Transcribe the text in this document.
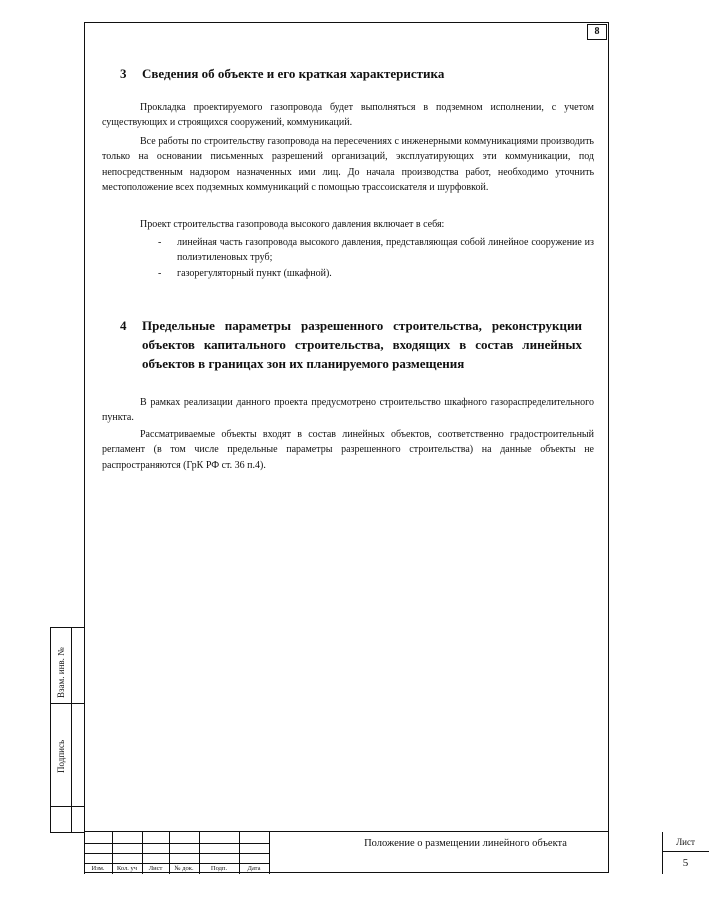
8
Взам. инв. №
Подпись
3 Сведения об объекте и его краткая характеристика

Прокладка проектируемого газопровода будет выполняться в подземном исполнении, с учетом существующих и строящихся сооружений, коммуникаций.

Все работы по строительству газопровода на пересечениях с инженерными коммуникациями производить только на основании письменных разрешений организаций, эксплуатирующих эти коммуникации, под непосредственным надзором назначенных ими лиц. До начала производства работ, необходимо уточнить местоположение всех подземных коммуникаций с помощью трассоискателя и шурфовкой.

Проект строительства газопровода высокого давления включает в себя:

- линейная часть газопровода высокого давления, представляющая собой линейное сооружение из полиэтиленовых труб;
- газорегуляторный пункт (шкафной).
4 Предельные параметры разрешенного строительства, реконструкции объектов капитального строительства, входящих в состав линейных объектов в границах зон их планируемого размещения

В рамках реализации данного проекта предусмотрено строительство шкафного газораспределительного пункта.

Рассматриваемые объекты входят в состав линейных объектов, соответственно градостроительный регламент (в том числе предельные параметры разрешенного строительства) на данные объекты не распространяются (ГрК РФ ст. 36 п.4).

Изм.	Кол. уч	Лист	№ док.	Подп.	Дата
Положение о размещении линейного объекта	Лист
5
